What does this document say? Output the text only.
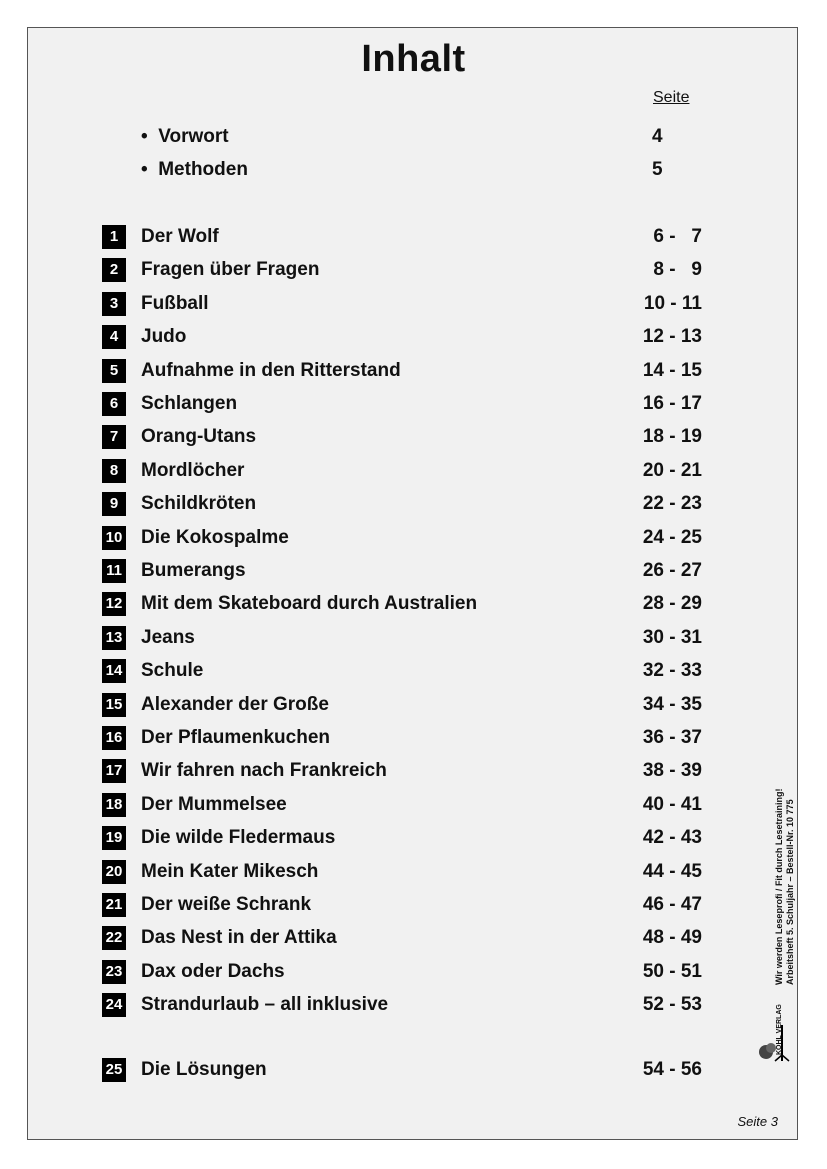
Inhalt
Seite
•  Vorwort	4
•  Methoden	5
1	Der Wolf	6 -   7
2	Fragen über Fragen	8 -   9
3	Fußball	10 - 11
4	Judo	12 - 13
5	Aufnahme in den Ritterstand	14 - 15
6	Schlangen	16 - 17
7	Orang-Utans	18 - 19
8	Mordlöcher	20 - 21
9	Schildkröten	22 - 23
10 Die Kokospalme	24 - 25
11 Bumerangs	26 - 27
12 Mit dem Skateboard durch Australien	28 - 29
13 Jeans	30 - 31
14 Schule	32 - 33
15 Alexander der Große	34 - 35
16 Der Pflaumenkuchen	36 - 37
17 Wir fahren nach Frankreich	38 - 39
18 Der Mummelsee	40 - 41
19 Die wilde Fledermaus	42 - 43
20 Mein Kater Mikesch	44 - 45
21 Der weiße Schrank	46 - 47
22 Das Nest in der Attika	48 - 49
23 Dax oder Dachs	50 - 51
24 Strandurlaub – all inklusive	52 - 53
25 Die Lösungen	54 - 56
Wir werden Leseprofi / Fit durch Lesetraining! Arbeitsheft 5. Schuljahr – Bestell-Nr. 10 775
KOHL VERLAG
Seite 3
